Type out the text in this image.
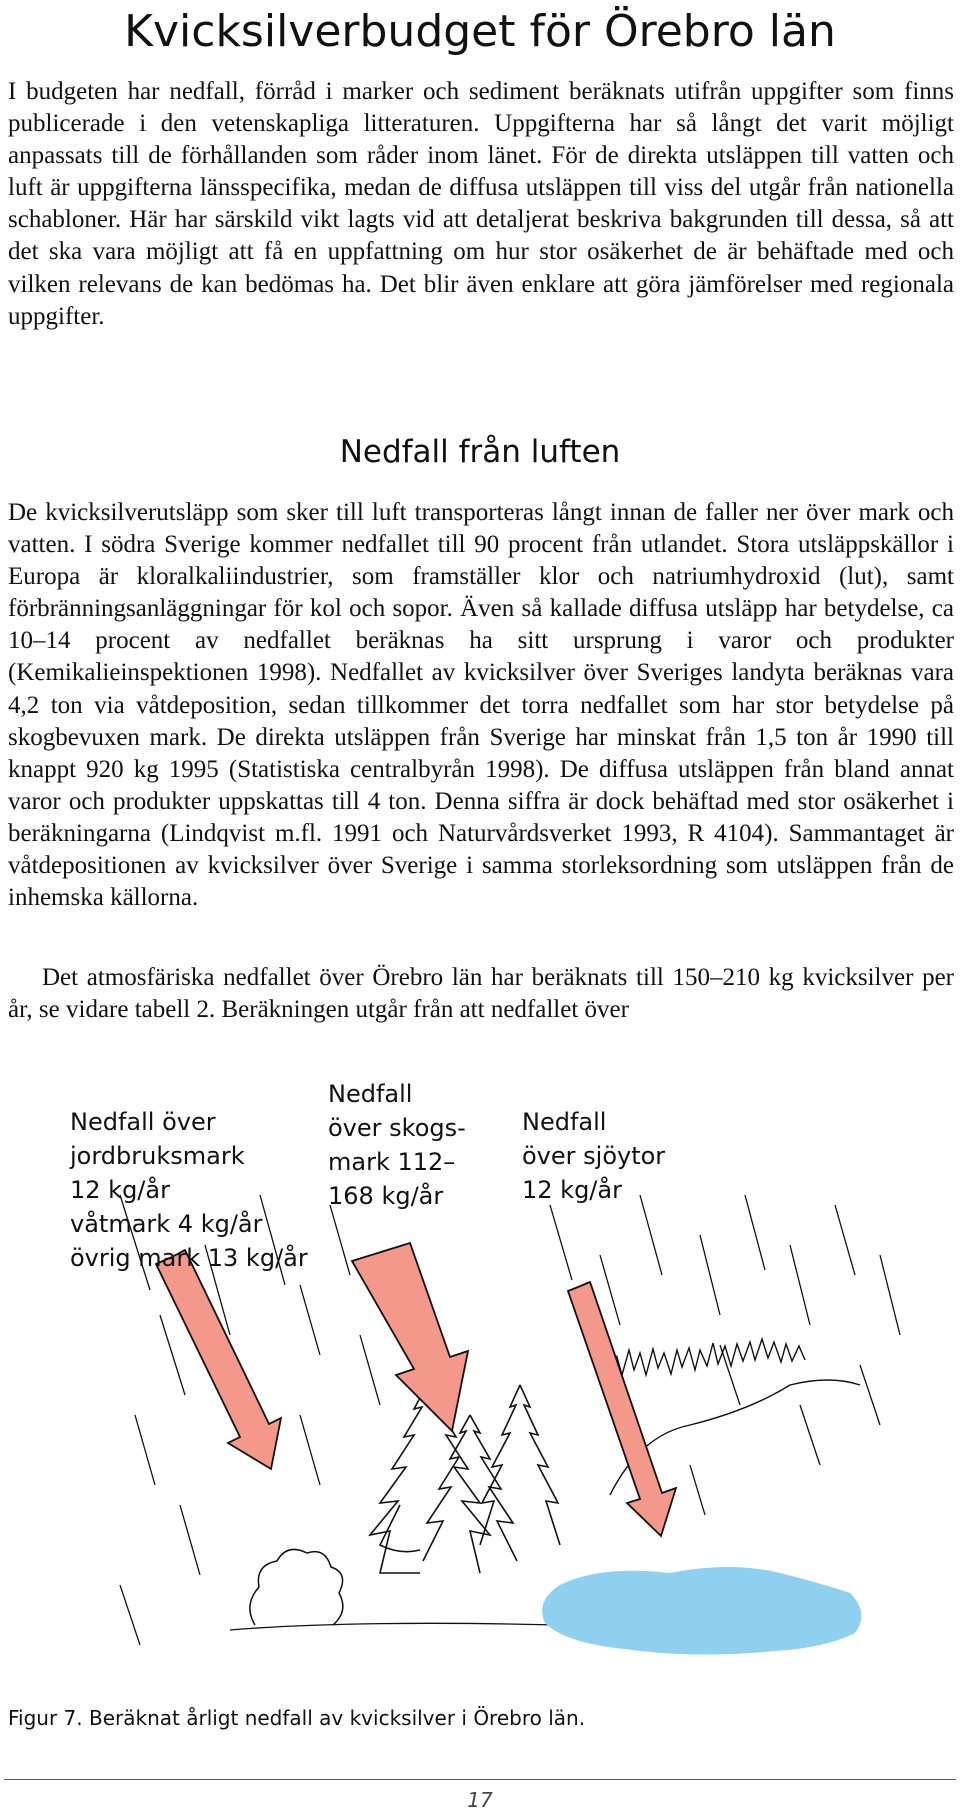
Kvicksilverbudget för Örebro län

I budgeten har nedfall, förråd i marker och sediment beräknats utifrån uppgifter som finns publicerade i den vetenskapliga litteraturen. Uppgifterna har så långt det varit möjligt anpassats till de förhållanden som råder inom länet. För de direkta utsläppen till vatten och luft är uppgifterna länsspecifika, medan de diffusa utsläppen till viss del utgår från nationella schabloner. Här har särskild vikt lagts vid att detaljerat beskriva bakgrunden till dessa, så att det ska vara möjligt att få en uppfattning om hur stor osäkerhet de är behäftade med och vilken relevans de kan bedömas ha. Det blir även enklare att göra jämförelser med regionala uppgifter.

Nedfall från luften

De kvicksilverutsläpp som sker till luft transporteras långt innan de faller ner över mark och vatten. I södra Sverige kommer nedfallet till 90 procent från utlandet. Stora utsläppskällor i Europa är kloralkaliindustrier, som framställer klor och natriumhydroxid (lut), samt förbränningsanläggningar för kol och sopor. Även så kallade diffusa utsläpp har betydelse, ca 10–14 procent av nedfallet beräknas ha sitt ursprung i varor och produkter (Kemikalieinspektionen 1998). Nedfallet av kvicksilver över Sveriges landyta beräknas vara 4,2 ton via våtdeposition, sedan tillkommer det torra nedfallet som har stor betydelse på skogbevuxen mark. De direkta utsläppen från Sverige har minskat från 1,5 ton år 1990 till knappt 920 kg 1995 (Statistiska centralbyrån 1998). De diffusa utsläppen från bland annat varor och produkter uppskattas till 4 ton. Denna siffra är dock behäftad med stor osäkerhet i beräkningarna (Lindqvist m.fl. 1991 och Naturvårdsverket 1993, R 4104). Sammantaget är våtdepositionen av kvicksilver över Sverige i samma storleksordning som utsläppen från de inhemska källorna.

Det atmosfäriska nedfallet över Örebro län har beräknats till 150–210 kg kvicksilver per år, se vidare tabell 2. Beräkningen utgår från att nedfallet över

Nedfall över
jordbruksmark
12 kg/år
våtmark 4 kg/år
övrig mark 13 kg/år

Nedfall
över skogs-
mark 112–
168 kg/år

Nedfall
över sjöytor
12 kg/år

Figur 7. Beräknat årligt nedfall av kvicksilver i Örebro län.

17
